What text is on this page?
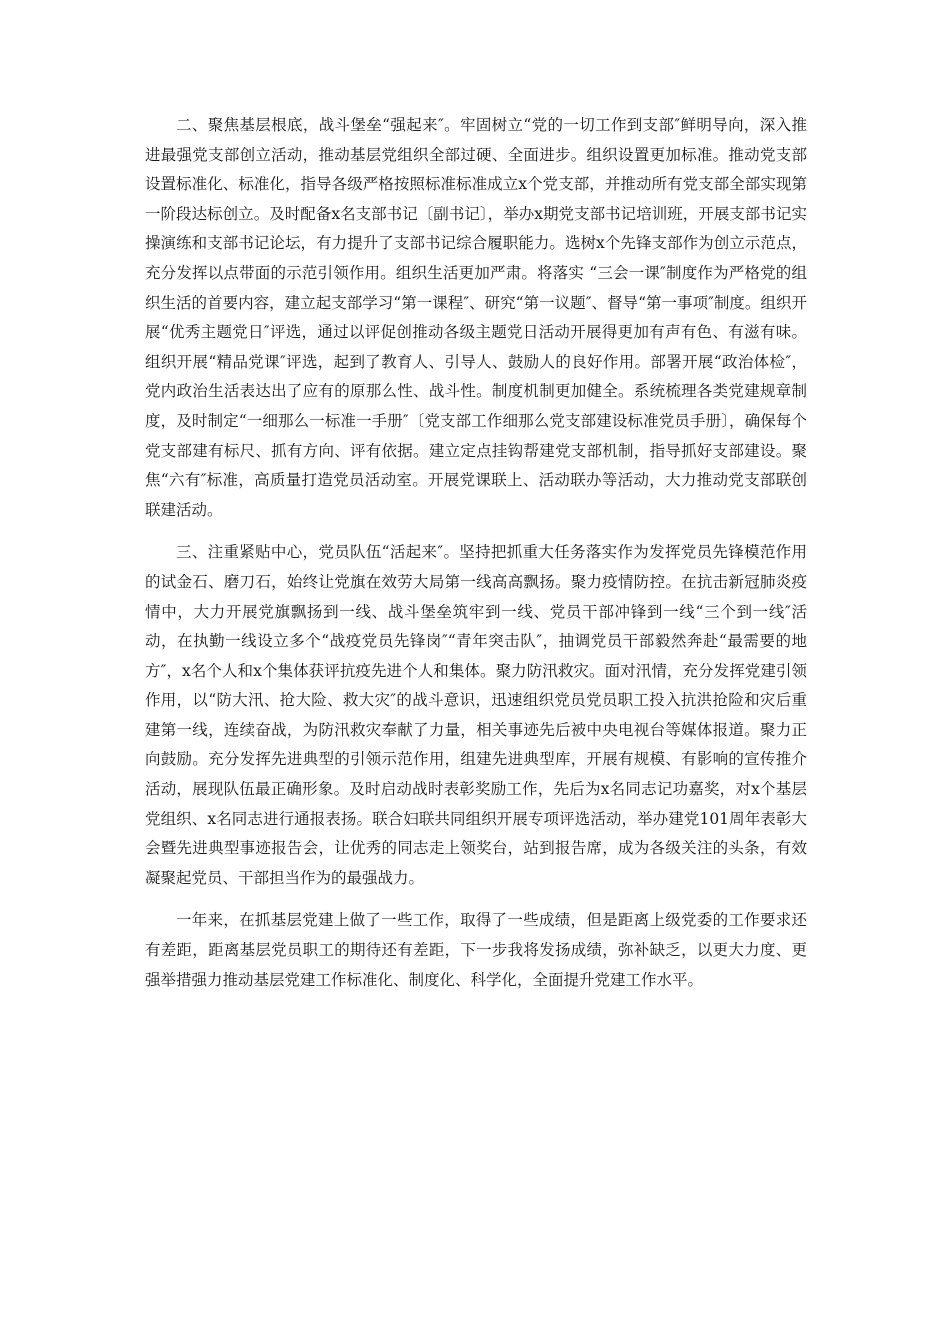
二、聚焦基层根底，战斗堡垒“强起来″。牢固树立“党的一切工作到支部″鲜明导向，深入推进最强党支部创立活动，推动基层党组织全部过硬、全面进步。组织设置更加标准。推动党支部设置标准化、标准化，指导各级严格按照标准标准成立x个党支部，并推动所有党支部全部实现第一阶段达标创立。及时配备x名支部书记〔副书记〕，举办x期党支部书记培训班，开展支部书记实操演练和支部书记论坛，有力提升了支部书记综合履职能力。选树x个先锋支部作为创立示范点，充分发挥以点带面的示范引领作用。组织生活更加严肃。将落实 “三会一课″制度作为严格党的组织生活的首要内容，建立起支部学习“第一课程″、研究“第一议题″、督导“第一事项″制度。组织开展“优秀主题党日″评选，通过以评促创推动各级主题党日活动开展得更加有声有色、有滋有味。组织开展“精品党课″评选，起到了教育人、引导人、鼓励人的良好作用。部署开展“政治体检″，党内政治生活表达出了应有的原那么性、战斗性。制度机制更加健全。系统梳理各类党建规章制度，及时制定“一细那么一标准一手册″〔党支部工作细那么党支部建设标准党员手册〕，确保每个党支部建有标尺、抓有方向、评有依据。建立定点挂钩帮建党支部机制，指导抓好支部建设。聚焦“六有″标准，高质量打造党员活动室。开展党课联上、活动联办等活动，大力推动党支部联创联建活动。

三、注重紧贴中心，党员队伍“活起来″。坚持把抓重大任务落实作为发挥党员先锋模范作用的试金石、磨刀石，始终让党旗在效劳大局第一线高高飘扬。聚力疫情防控。在抗击新冠肺炎疫情中，大力开展党旗飘扬到一线、战斗堡垒筑牢到一线、党员干部冲锋到一线“三个到一线″活动，在执勤一线设立多个“战疫党员先锋岗″“青年突击队″，抽调党员干部毅然奔赴“最需要的地方″，x名个人和x个集体获评抗疫先进个人和集体。聚力防汛救灾。面对汛情，充分发挥党建引领作用，以“防大汛、抢大险、救大灾″的战斗意识，迅速组织党员党员职工投入抗洪抢险和灾后重建第一线，连续奋战，为防汛救灾奉献了力量，相关事迹先后被中央电视台等媒体报道。聚力正向鼓励。充分发挥先进典型的引领示范作用，组建先进典型库，开展有规模、有影响的宣传推介活动，展现队伍最正确形象。及时启动战时表彰奖励工作，先后为x名同志记功嘉奖，对x个基层党组织、x名同志进行通报表扬。联合妇联共同组织开展专项评选活动，举办建党101周年表彰大会暨先进典型事迹报告会，让优秀的同志走上领奖台，站到报告席，成为各级关注的头条，有效凝聚起党员、干部担当作为的最强战力。

一年来，在抓基层党建上做了一些工作，取得了一些成绩，但是距离上级党委的工作要求还有差距，距离基层党员职工的期待还有差距，下一步我将发扬成绩，弥补缺乏，以更大力度、更强举措强力推动基层党建工作标准化、制度化、科学化，全面提升党建工作水平。
